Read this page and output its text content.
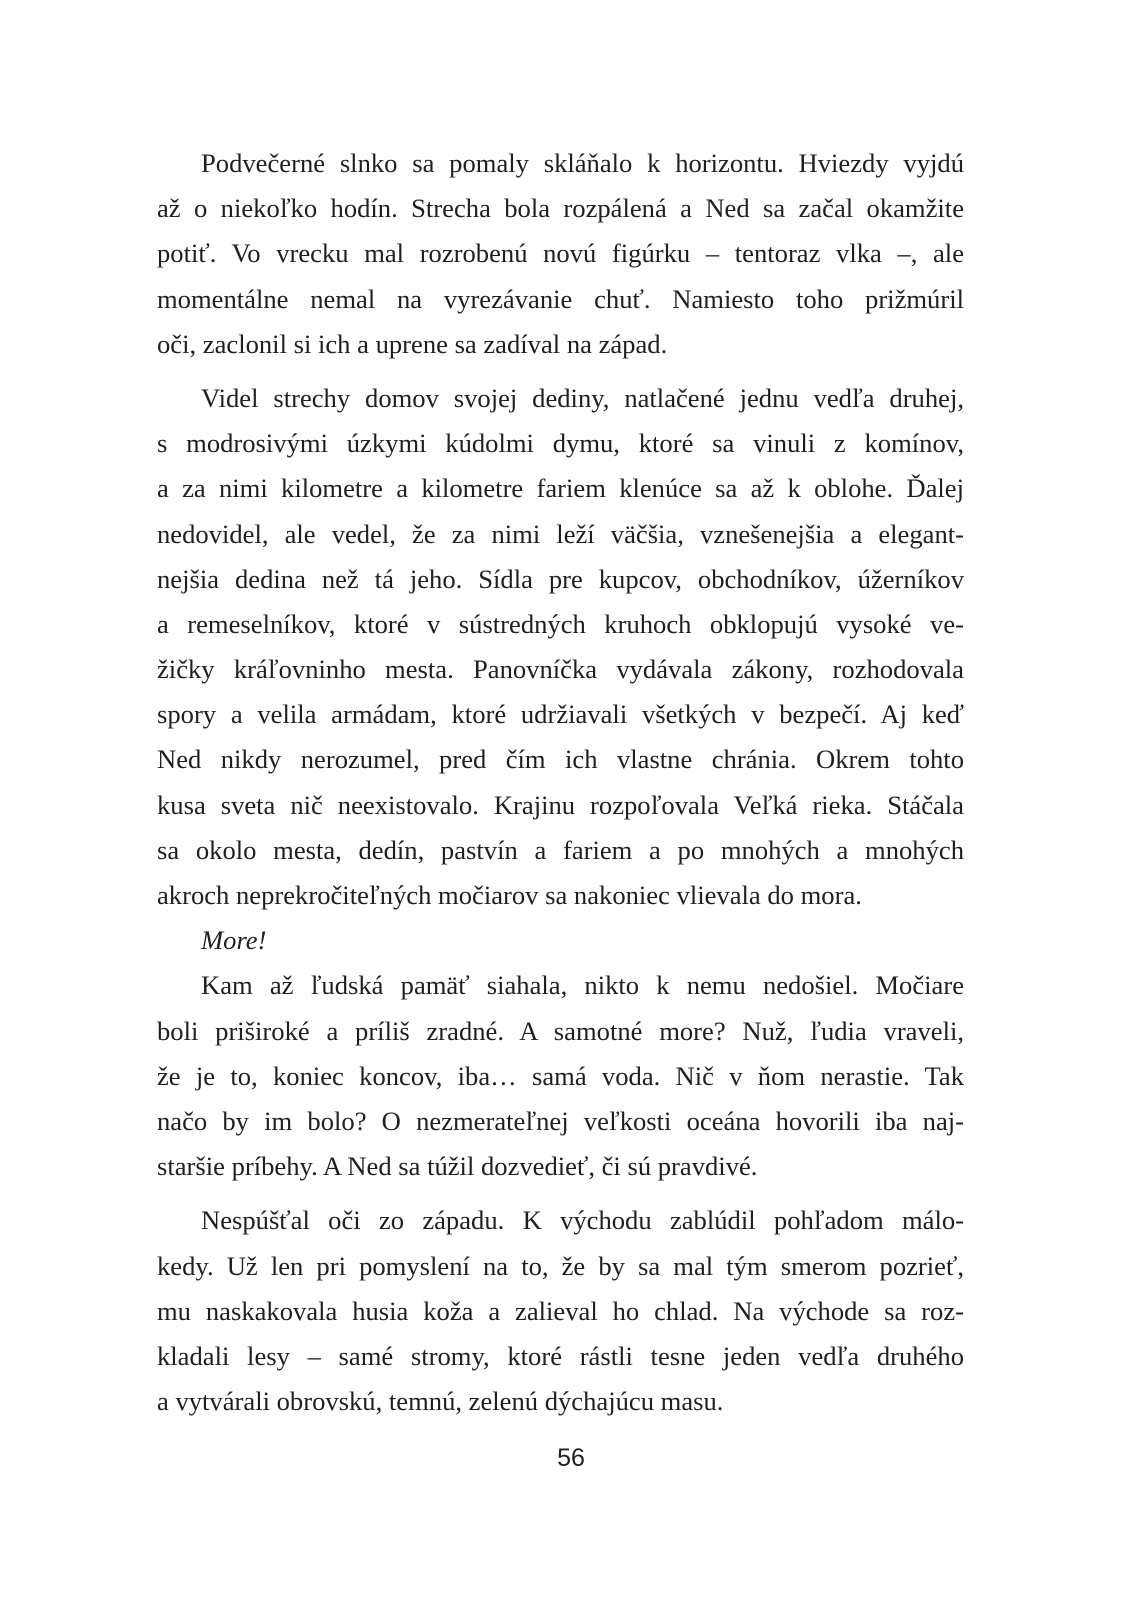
Podvečerné slnko sa pomaly skláňalo k horizontu. Hviezdy vyjdú
až o niekoľko hodín. Strecha bola rozpálená a Ned sa začal okamžite
potiť. Vo vrecku mal rozrobenú novú figúrku – tentoraz vlka –, ale
momentálne nemal na vyrezávanie chuť. Namiesto toho prižmúril
oči, zaclonil si ich a uprene sa zadíval na západ.
Videl strechy domov svojej dediny, natlačené jednu vedľa druhej,
s modrosivými úzkymi kúdolmi dymu, ktoré sa vinuli z komínov,
a za nimi kilometre a kilometre fariem klenúce sa až k oblohe. Ďalej
nedovidel, ale vedel, že za nimi leží väčšia, vznešenejšia a elegant-
nejšia dedina než tá jeho. Sídla pre kupcov, obchodníkov, úžerníkov
a remeselníkov, ktoré v sústredných kruhoch obklopujú vysoké ve-
žičky kráľovninho mesta. Panovníčka vydávala zákony, rozhodovala
spory a velila armádam, ktoré udržiavali všetkých v bezpečí. Aj keď
Ned nikdy nerozumel, pred čím ich vlastne chránia. Okrem tohto
kusa sveta nič neexistovalo. Krajinu rozpoľovala Veľká rieka. Stáčala
sa okolo mesta, dedín, pastvín a fariem a po mnohých a mnohých
akroch neprekročiteľných močiarov sa nakoniec vlievala do mora.
More!
Kam až ľudská pamäť siahala, nikto k nemu nedošiel. Močiare
boli priširoké a príliš zradné. A samotné more? Nuž, ľudia vraveli,
že je to, koniec koncov, iba… samá voda. Nič v ňom nerastie. Tak
načo by im bolo? O nezmerateľnej veľkosti oceána hovorili iba naj-
staršie príbehy. A Ned sa túžil dozvedieť, či sú pravdivé.
Nespúšťal oči zo západu. K východu zablúdil pohľadom málo-
kedy. Už len pri pomyslení na to, že by sa mal tým smerom pozrieť,
mu naskakovala husia koža a zalieval ho chlad. Na východe sa roz-
kladali lesy – samé stromy, ktoré rástli tesne jeden vedľa druhého
a vytvárali obrovskú, temnú, zelenú dýchajúcu masu.
56
